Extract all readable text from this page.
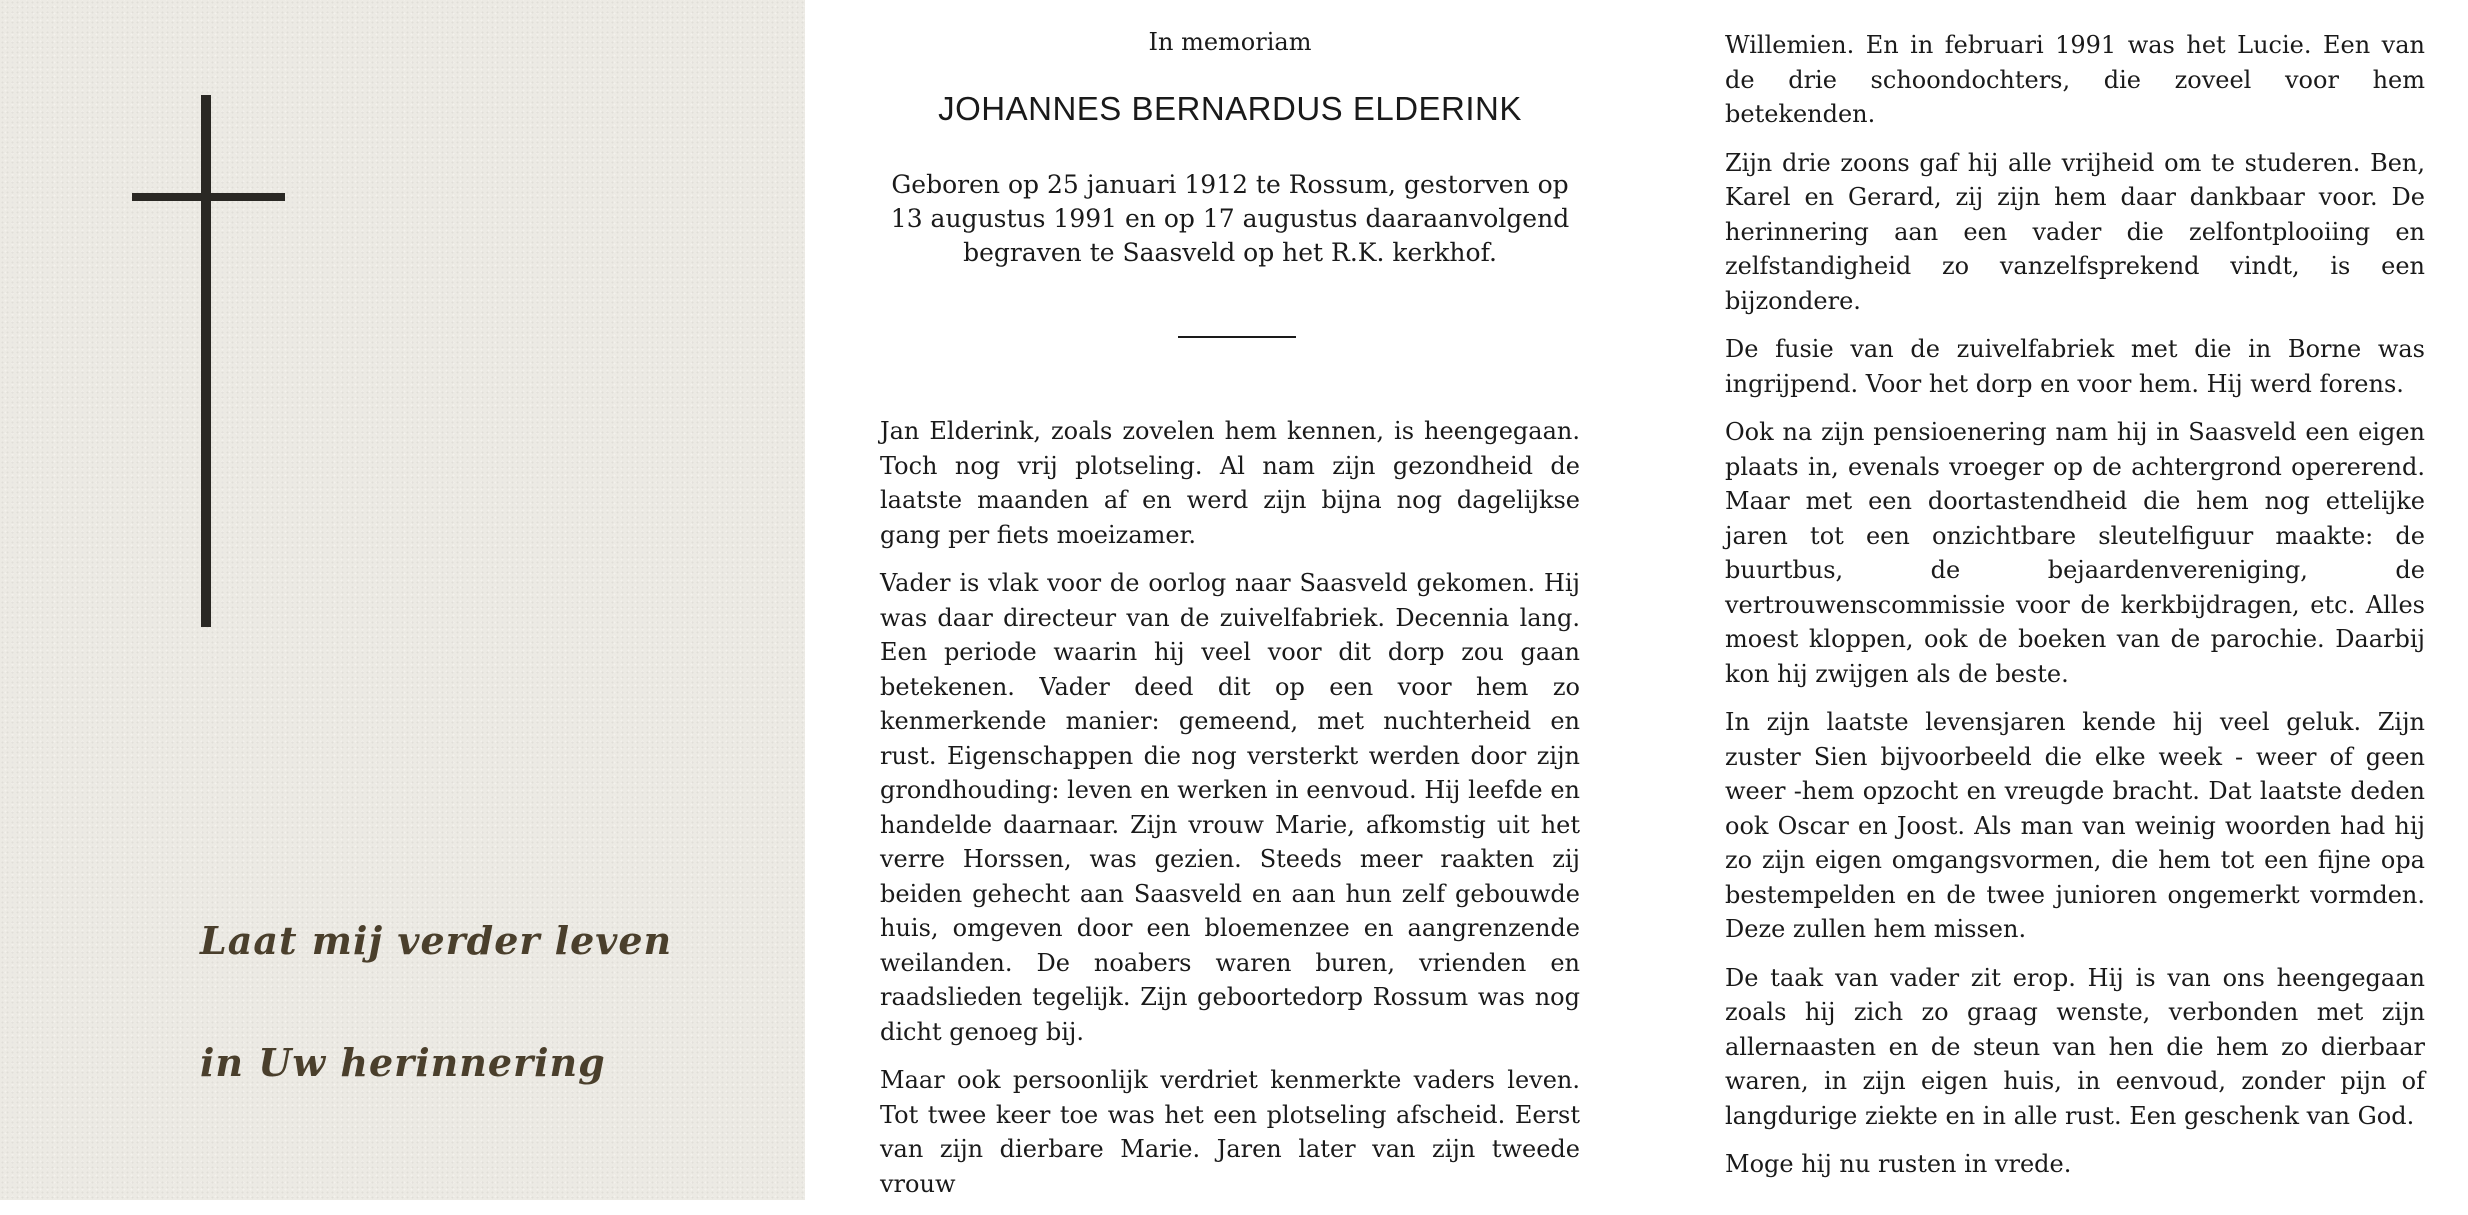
Laat mij verder leven
in Uw herinnering
In memoriam
JOHANNES BERNARDUS ELDERINK
Geboren op 25 januari 1912 te Rossum, gestorven op 13 augustus 1991 en op 17 augustus daaraanvolgend begraven te Saasveld op het R.K. kerkhof.

Jan Elderink, zoals zovelen hem kennen, is heengegaan. Toch nog vrij plotseling. Al nam zijn gezondheid de laatste maanden af en werd zijn bijna nog dagelijkse gang per fiets moeizamer.

Vader is vlak voor de oorlog naar Saasveld gekomen. Hij was daar directeur van de zuivelfabriek. Decennia lang. Een periode waarin hij veel voor dit dorp zou gaan betekenen. Vader deed dit op een voor hem zo kenmerkende manier: gemeend, met nuchterheid en rust. Eigenschappen die nog versterkt werden door zijn grondhouding: leven en werken in eenvoud. Hij leefde en handelde daarnaar. Zijn vrouw Marie, afkomstig uit het verre Horssen, was gezien. Steeds meer raakten zij beiden gehecht aan Saasveld en aan hun zelf gebouwde huis, omgeven door een bloemenzee en aangrenzende weilanden. De noabers waren buren, vrienden en raadslieden tegelijk. Zijn geboortedorp Rossum was nog dicht genoeg bij.

Maar ook persoonlijk verdriet kenmerkte vaders leven. Tot twee keer toe was het een plotseling afscheid. Eerst van zijn dierbare Marie. Jaren later van zijn tweede vrouw

Willemien. En in februari 1991 was het Lucie. Een van de drie schoondochters, die zoveel voor hem betekenden.

Zijn drie zoons gaf hij alle vrijheid om te studeren. Ben, Karel en Gerard, zij zijn hem daar dankbaar voor. De herinnering aan een vader die zelfontplooiing en zelfstandigheid zo vanzelfsprekend vindt, is een bijzondere.

De fusie van de zuivelfabriek met die in Borne was ingrijpend. Voor het dorp en voor hem. Hij werd forens.

Ook na zijn pensioenering nam hij in Saasveld een eigen plaats in, evenals vroeger op de achtergrond opererend. Maar met een doortastendheid die hem nog ettelijke jaren tot een onzichtbare sleutelfiguur maakte: de buurtbus, de bejaardenvereniging, de vertrouwenscommissie voor de kerkbijdragen, etc. Alles moest kloppen, ook de boeken van de parochie. Daarbij kon hij zwijgen als de beste.

In zijn laatste levensjaren kende hij veel geluk. Zijn zuster Sien bijvoorbeeld die elke week - weer of geen weer -hem opzocht en vreugde bracht. Dat laatste deden ook Oscar en Joost. Als man van weinig woorden had hij zo zijn eigen omgangsvormen, die hem tot een fijne opa bestempelden en de twee junioren ongemerkt vormden. Deze zullen hem missen.

De taak van vader zit erop. Hij is van ons heengegaan zoals hij zich zo graag wenste, verbonden met zijn allernaasten en de steun van hen die hem zo dierbaar waren, in zijn eigen huis, in eenvoud, zonder pijn of langdurige ziekte en in alle rust. Een geschenk van God.

Moge hij nu rusten in vrede.
